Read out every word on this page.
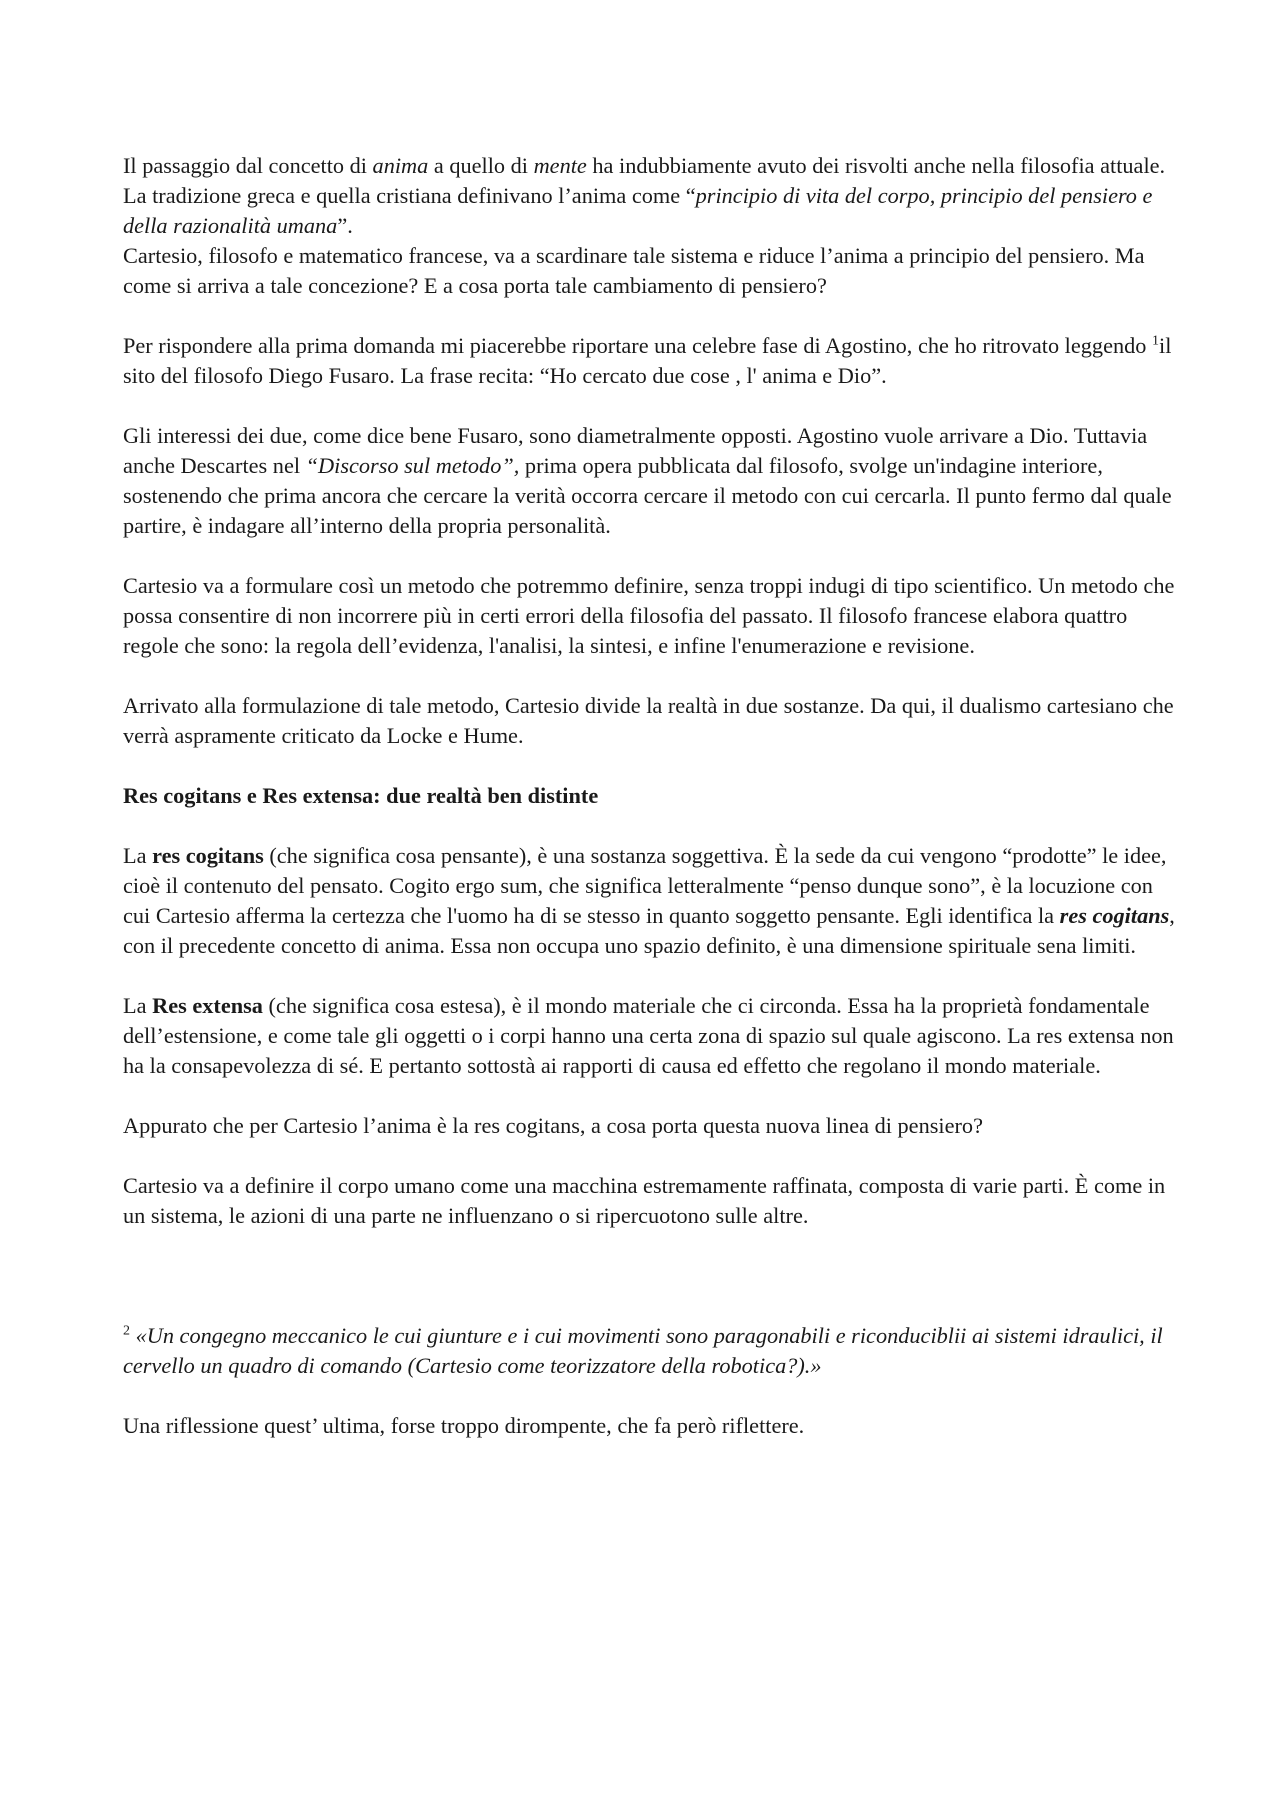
Il passaggio dal concetto di anima a quello di mente ha indubbiamente avuto dei risvolti anche nella filosofia attuale. La tradizione greca e quella cristiana definivano l’anima come “principio di vita del corpo, principio del pensiero e della razionalità umana”.

Cartesio, filosofo e matematico francese, va a scardinare tale sistema e riduce l’anima a principio del pensiero. Ma come si arriva a tale concezione? E a cosa porta tale cambiamento di pensiero?

Per rispondere alla prima domanda mi piacerebbe riportare una celebre fase di Agostino, che ho ritrovato leggendo $^1$il sito del filosofo Diego Fusaro. La frase recita: “Ho cercato due cose , l' anima e Dio”.

Gli interessi dei due, come dice bene Fusaro, sono diametralmente opposti. Agostino vuole arrivare a Dio. Tuttavia anche Descartes nel “Discorso sul metodo”, prima opera pubblicata dal filosofo, svolge un'indagine interiore, sostenendo che prima ancora che cercare la verità occorra cercare il metodo con cui cercarla. Il punto fermo dal quale partire, è indagare all’interno della propria personalità.

Cartesio va a formulare così un metodo che potremmo definire, senza troppi indugi di tipo scientifico. Un metodo che possa consentire di non incorrere più in certi errori della filosofia del passato. Il filosofo francese elabora quattro regole che sono: la regola dell’evidenza, l'analisi, la sintesi, e infine l'enumerazione e revisione.

Arrivato alla formulazione di tale metodo, Cartesio divide la realtà in due sostanze. Da qui, il dualismo cartesiano che verrà aspramente criticato da Locke e Hume.

Res cogitans e Res extensa: due realtà ben distinte

La res cogitans (che significa cosa pensante), è una sostanza soggettiva. È la sede da cui vengono “prodotte” le idee, cioè il contenuto del pensato. Cogito ergo sum, che significa letteralmente “penso dunque sono”, è la locuzione con cui Cartesio afferma la certezza che l'uomo ha di se stesso in quanto soggetto pensante. Egli identifica la res cogitans, con il precedente concetto di anima. Essa non occupa uno spazio definito, è una dimensione spirituale sena limiti.

La Res extensa (che significa cosa estesa), è il mondo materiale che ci circonda. Essa ha la proprietà fondamentale dell’estensione, e come tale gli oggetti o i corpi hanno una certa zona di spazio sul quale agiscono. La res extensa non ha la consapevolezza di sé. E pertanto sottostà ai rapporti di causa ed effetto che regolano il mondo materiale.

Appurato che per Cartesio l’anima è la res cogitans, a cosa porta questa nuova linea di pensiero?

Cartesio va a definire il corpo umano come una macchina estremamente raffinata, composta di varie parti. È come in un sistema, le azioni di una parte ne influenzano o si ripercuotono sulle altre.

$^2$ «Un congegno meccanico le cui giunture e i cui movimenti sono paragonabili e riconduciblii ai sistemi idraulici, il cervello un quadro di comando (Cartesio come teorizzatore della robotica?).»

Una riflessione quest’ ultima, forse troppo dirompente, che fa però riflettere.
